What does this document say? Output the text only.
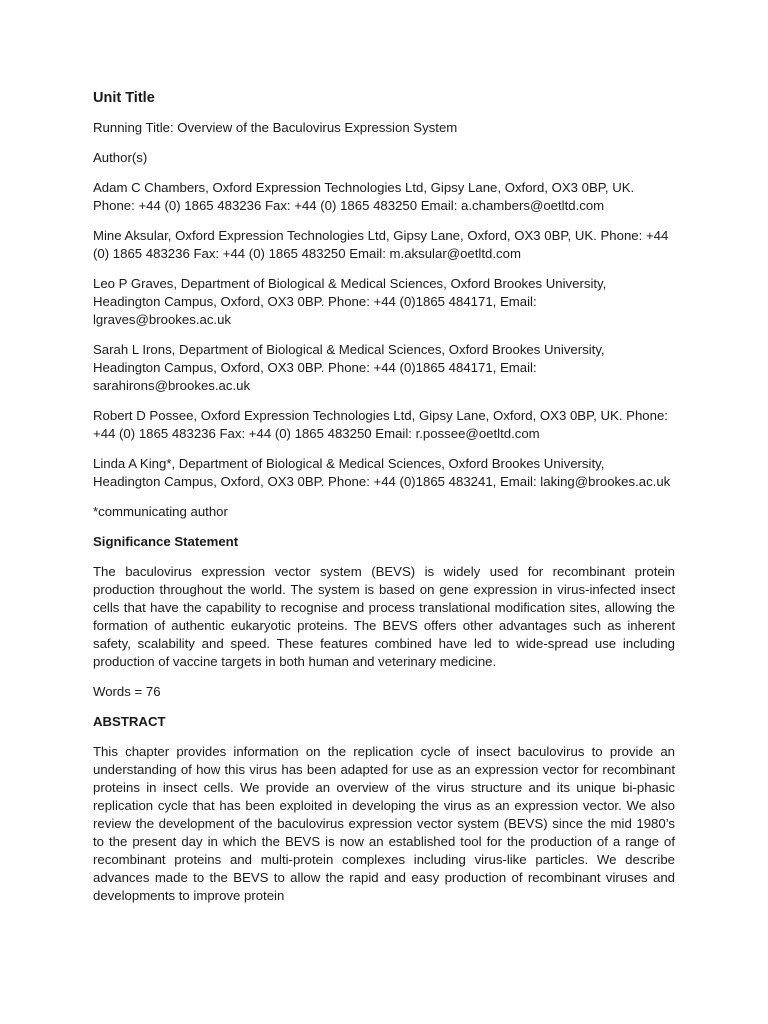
Unit Title

Running Title: Overview of the Baculovirus Expression System

Author(s)

Adam C Chambers, Oxford Expression Technologies Ltd, Gipsy Lane, Oxford, OX3 0BP, UK. Phone: +44 (0) 1865 483236 Fax: +44 (0) 1865 483250 Email: a.chambers@oetltd.com

Mine Aksular, Oxford Expression Technologies Ltd, Gipsy Lane, Oxford, OX3 0BP, UK. Phone: +44 (0) 1865 483236 Fax: +44 (0) 1865 483250 Email: m.aksular@oetltd.com

Leo P Graves, Department of Biological & Medical Sciences, Oxford Brookes University, Headington Campus, Oxford, OX3 0BP. Phone: +44 (0)1865 484171, Email: lgraves@brookes.ac.uk

Sarah L Irons, Department of Biological & Medical Sciences, Oxford Brookes University, Headington Campus, Oxford, OX3 0BP. Phone: +44 (0)1865 484171, Email: sarahirons@brookes.ac.uk

Robert D Possee, Oxford Expression Technologies Ltd, Gipsy Lane, Oxford, OX3 0BP, UK. Phone: +44 (0) 1865 483236 Fax: +44 (0) 1865 483250 Email: r.possee@oetltd.com

Linda A King*, Department of Biological & Medical Sciences, Oxford Brookes University, Headington Campus, Oxford, OX3 0BP. Phone: +44 (0)1865 483241, Email: laking@brookes.ac.uk

*communicating author

Significance Statement

The baculovirus expression vector system (BEVS) is widely used for recombinant protein production throughout the world. The system is based on gene expression in virus-infected insect cells that have the capability to recognise and process translational modification sites, allowing the formation of authentic eukaryotic proteins. The BEVS offers other advantages such as inherent safety, scalability and speed. These features combined have led to wide-spread use including production of vaccine targets in both human and veterinary medicine.

Words = 76

ABSTRACT

This chapter provides information on the replication cycle of insect baculovirus to provide an understanding of how this virus has been adapted for use as an expression vector for recombinant proteins in insect cells. We provide an overview of the virus structure and its unique bi-phasic replication cycle that has been exploited in developing the virus as an expression vector. We also review the development of the baculovirus expression vector system (BEVS) since the mid 1980’s to the present day in which the BEVS is now an established tool for the production of a range of recombinant proteins and multi-protein complexes including virus-like particles. We describe advances made to the BEVS to allow the rapid and easy production of recombinant viruses and developments to improve protein
